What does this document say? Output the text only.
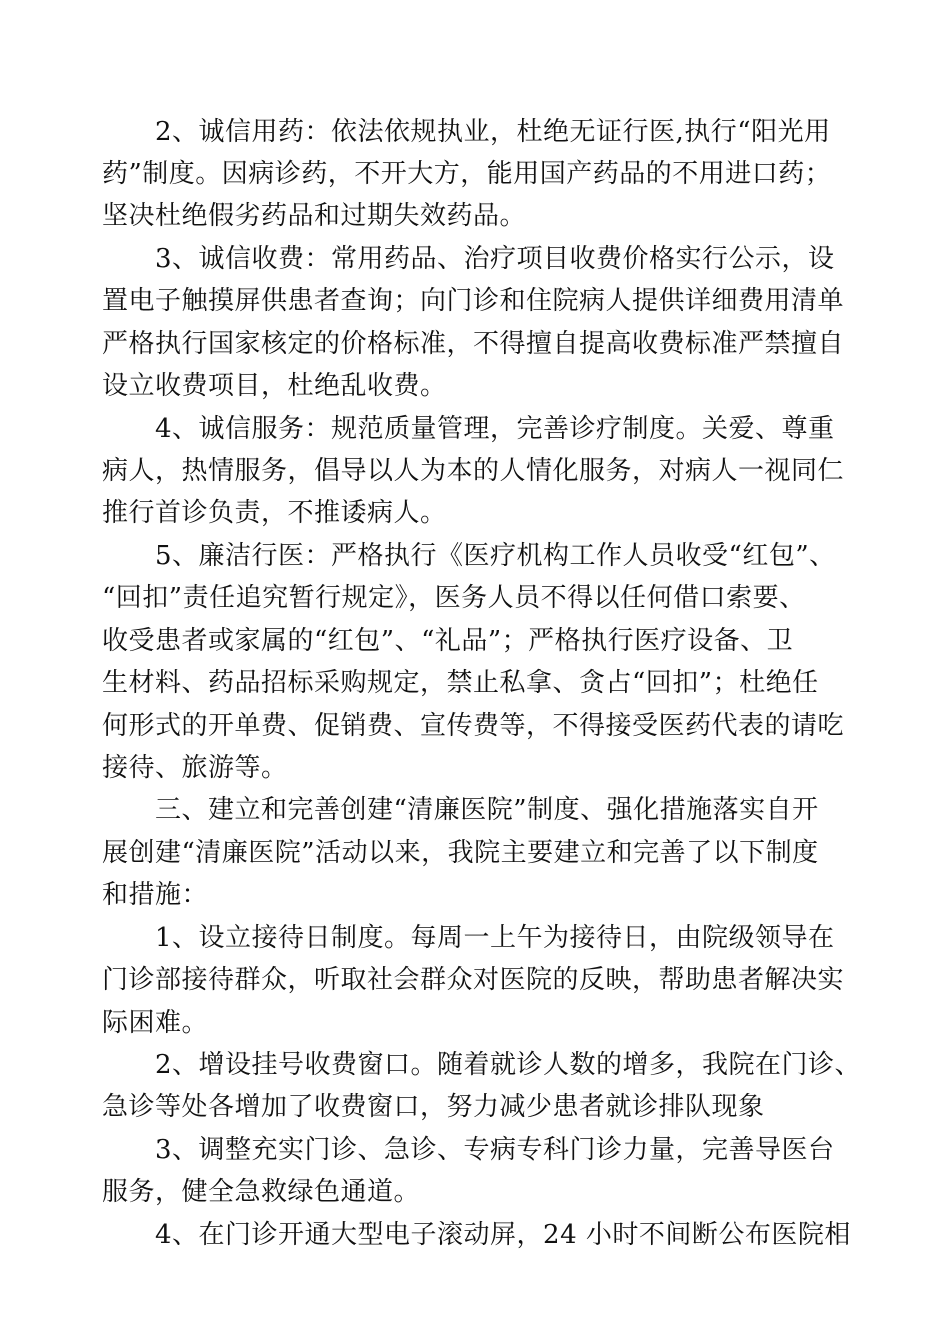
2、诚信用药：依法依规执业，杜绝无证行医,执行“阳光用
药”制度。因病诊药，不开大方，能用国产药品的不用进口药；
坚决杜绝假劣药品和过期失效药品。
3、诚信收费：常用药品、治疗项目收费价格实行公示，设
置电子触摸屏供患者查询；向门诊和住院病人提供详细费用清单
严格执行国家核定的价格标准，不得擅自提高收费标准严禁擅自
设立收费项目，杜绝乱收费。
4、诚信服务：规范质量管理，完善诊疗制度。关爱、尊重
病人，热情服务，倡导以人为本的人情化服务，对病人一视同仁
推行首诊负责，不推诿病人。
5、廉洁行医：严格执行《医疗机构工作人员收受“红包”、
“回扣”责任追究暂行规定》，医务人员不得以任何借口索要、
收受患者或家属的“红包”、“礼品”；严格执行医疗设备、卫
生材料、药品招标采购规定，禁止私拿、贪占“回扣”；杜绝任
何形式的开单费、促销费、宣传费等，不得接受医药代表的请吃
接待、旅游等。
三、建立和完善创建“清廉医院”制度、强化措施落实自开
展创建“清廉医院”活动以来，我院主要建立和完善了以下制度
和措施：
1、设立接待日制度。每周一上午为接待日，由院级领导在
门诊部接待群众，听取社会群众对医院的反映，帮助患者解决实
际困难。
2、增设挂号收费窗口。随着就诊人数的增多，我院在门诊、
急诊等处各增加了收费窗口，努力减少患者就诊排队现象
3、调整充实门诊、急诊、专病专科门诊力量，完善导医台
服务，健全急救绿色通道。
4、在门诊开通大型电子滚动屏，24 小时不间断公布医院相
